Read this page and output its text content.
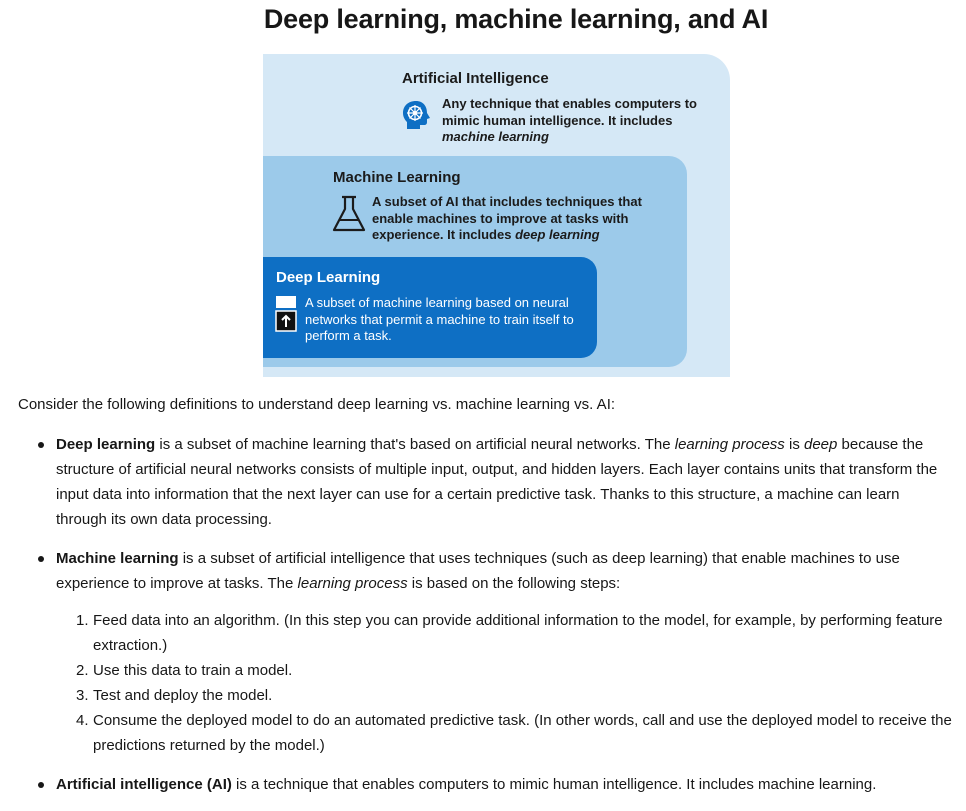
Deep learning, machine learning, and AI
Artificial Intelligence
Any technique that enables computers to mimic human intelligence. It includes machine learning
Machine Learning
A subset of AI that includes techniques that enable machines to improve at tasks with experience. It includes deep learning
Deep Learning
A subset of machine learning based on neural networks that permit a machine to train itself to perform a task.

Consider the following definitions to understand deep learning vs. machine learning vs. AI:

Deep learning is a subset of machine learning that's based on artificial neural networks. The learning process is deep because the structure of artificial neural networks consists of multiple input, output, and hidden layers. Each layer contains units that transform the input data into information that the next layer can use for a certain predictive task. Thanks to this structure, a machine can learn through its own data processing.
Machine learning is a subset of artificial intelligence that uses techniques (such as deep learning) that enable machines to use experience to improve at tasks. The learning process is based on the following steps:
1. Feed data into an algorithm. (In this step you can provide additional information to the model, for example, by performing feature extraction.)
2. Use this data to train a model.
3. Test and deploy the model.
4. Consume the deployed model to do an automated predictive task. (In other words, call and use the deployed model to receive the predictions returned by the model.)
Artificial intelligence (AI) is a technique that enables computers to mimic human intelligence. It includes machine learning.
